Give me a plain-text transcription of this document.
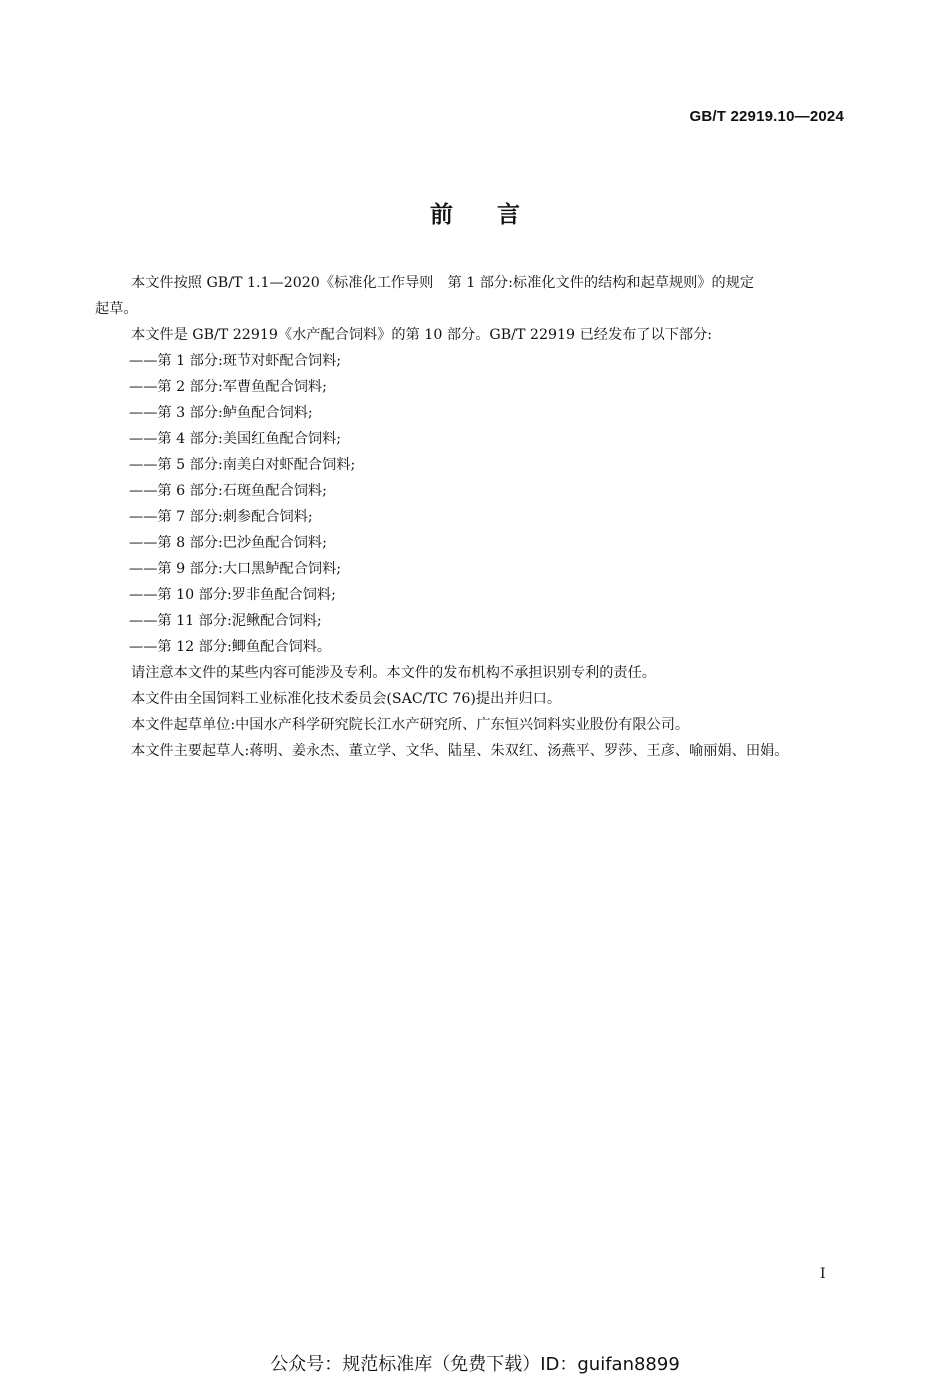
GB/T 22919.10—2024
前言

本文件按照 GB/T 1.1—2020《标准化工作导则　第 1 部分:标准化文件的结构和起草规则》的规定

起草。

本文件是 GB/T 22919《水产配合饲料》的第 10 部分。GB/T 22919 已经发布了以下部分:

——第 1 部分:斑节对虾配合饲料;

——第 2 部分:军曹鱼配合饲料;

——第 3 部分:鲈鱼配合饲料;

——第 4 部分:美国红鱼配合饲料;

——第 5 部分:南美白对虾配合饲料;

——第 6 部分:石斑鱼配合饲料;

——第 7 部分:刺参配合饲料;

——第 8 部分:巴沙鱼配合饲料;

——第 9 部分:大口黑鲈配合饲料;

——第 10 部分:罗非鱼配合饲料;

——第 11 部分:泥鳅配合饲料;

——第 12 部分:鲫鱼配合饲料。

请注意本文件的某些内容可能涉及专利。本文件的发布机构不承担识别专利的责任。

本文件由全国饲料工业标准化技术委员会(SAC/TC 76)提出并归口。

本文件起草单位:中国水产科学研究院长江水产研究所、广东恒兴饲料实业股份有限公司。

本文件主要起草人:蒋明、姜永杰、董立学、文华、陆星、朱双红、汤燕平、罗莎、王彦、喻丽娟、田娟。

I
公众号：规范标准库（免费下载）ID：guifan8899
